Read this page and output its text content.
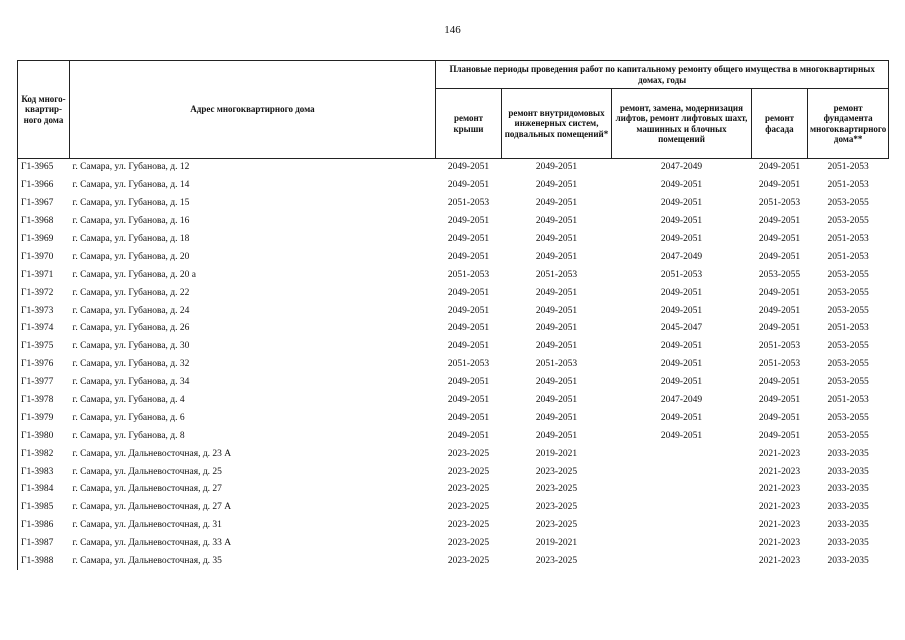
146
Код много-квартир-ного дома	Адрес многоквартирного дома	Плановые периоды проведения работ по капитальному ремонту общего имущества в многоквартирных домах, годы				
		ремонт крыши	ремонт внутридомовых инженерных систем, подвальных помещений*	ремонт, замена, модернизация лифтов, ремонт лифтовых шахт, машинных и блочных помещений	ремонт фасада	ремонт фундамента многоквартирного дома**
Г1-3965	г. Самара, ул. Губанова, д. 12	2049-2051	2049-2051	2047-2049	2049-2051	2051-2053
Г1-3966	г. Самара, ул. Губанова, д. 14	2049-2051	2049-2051	2049-2051	2049-2051	2051-2053
Г1-3967	г. Самара, ул. Губанова, д. 15	2051-2053	2049-2051	2049-2051	2051-2053	2053-2055
Г1-3968	г. Самара, ул. Губанова, д. 16	2049-2051	2049-2051	2049-2051	2049-2051	2053-2055
Г1-3969	г. Самара, ул. Губанова, д. 18	2049-2051	2049-2051	2049-2051	2049-2051	2051-2053
Г1-3970	г. Самара, ул. Губанова, д. 20	2049-2051	2049-2051	2047-2049	2049-2051	2051-2053
Г1-3971	г. Самара, ул. Губанова, д. 20 а	2051-2053	2051-2053	2051-2053	2053-2055	2053-2055
Г1-3972	г. Самара, ул. Губанова, д. 22	2049-2051	2049-2051	2049-2051	2049-2051	2053-2055
Г1-3973	г. Самара, ул. Губанова, д. 24	2049-2051	2049-2051	2049-2051	2049-2051	2053-2055
Г1-3974	г. Самара, ул. Губанова, д. 26	2049-2051	2049-2051	2045-2047	2049-2051	2051-2053
Г1-3975	г. Самара, ул. Губанова, д. 30	2049-2051	2049-2051	2049-2051	2051-2053	2053-2055
Г1-3976	г. Самара, ул. Губанова, д. 32	2051-2053	2051-2053	2049-2051	2051-2053	2053-2055
Г1-3977	г. Самара, ул. Губанова, д. 34	2049-2051	2049-2051	2049-2051	2049-2051	2053-2055
Г1-3978	г. Самара, ул. Губанова, д. 4	2049-2051	2049-2051	2047-2049	2049-2051	2051-2053
Г1-3979	г. Самара, ул. Губанова, д. 6	2049-2051	2049-2051	2049-2051	2049-2051	2053-2055
Г1-3980	г. Самара, ул. Губанова, д. 8	2049-2051	2049-2051	2049-2051	2049-2051	2053-2055
Г1-3982	г. Самара, ул. Дальневосточная, д. 23 А	2023-2025	2019-2021		2021-2023	2033-2035
Г1-3983	г. Самара, ул. Дальневосточная, д. 25	2023-2025	2023-2025		2021-2023	2033-2035
Г1-3984	г. Самара, ул. Дальневосточная, д. 27	2023-2025	2023-2025		2021-2023	2033-2035
Г1-3985	г. Самара, ул. Дальневосточная, д. 27 А	2023-2025	2023-2025		2021-2023	2033-2035
Г1-3986	г. Самара, ул. Дальневосточная, д. 31	2023-2025	2023-2025		2021-2023	2033-2035
Г1-3987	г. Самара, ул. Дальневосточная, д. 33 А	2023-2025	2019-2021		2021-2023	2033-2035
Г1-3988	г. Самара, ул. Дальневосточная, д. 35	2023-2025	2023-2025		2021-2023	2033-2035
